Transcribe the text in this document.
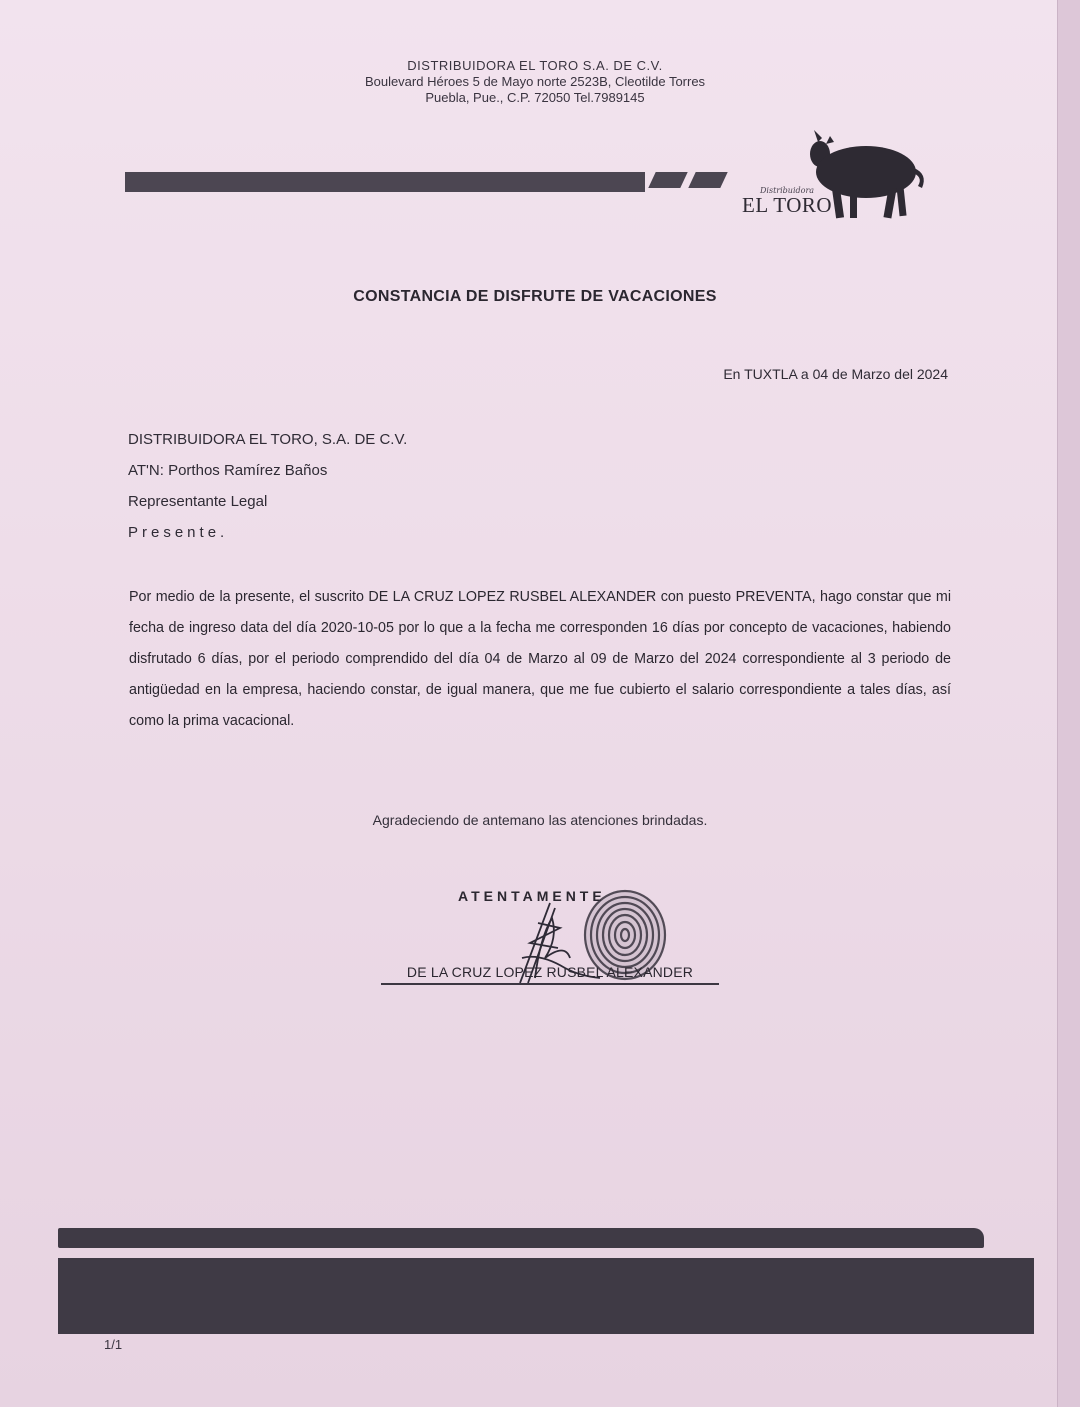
DISTRIBUIDORA EL TORO S.A. DE C.V.
Boulevard Héroes 5 de Mayo norte 2523B, Cleotilde Torres
Puebla, Pue., C.P. 72050 Tel.7989145
Distribuidora
EL TORO
CONSTANCIA DE DISFRUTE DE VACACIONES
En TUXTLA a 04 de Marzo del 2024
DISTRIBUIDORA EL TORO, S.A. DE C.V.
AT'N: Porthos Ramírez Baños
Representante Legal
Presente.
Por medio de la presente, el suscrito DE LA CRUZ LOPEZ RUSBEL ALEXANDER con puesto PREVENTA, hago constar que mi fecha de ingreso data del día 2020-10-05 por lo que a la fecha me corresponden 16 días por concepto de vacaciones, habiendo disfrutado 6 días, por el periodo comprendido del día 04 de Marzo al 09 de Marzo del 2024 correspondiente al 3 periodo de antigüedad en la empresa, haciendo constar, de igual manera, que me fue cubierto el salario correspondiente a tales días, así como la prima vacacional.
Agradeciendo de antemano las atenciones brindadas.
ATENTAMENTE
DE LA CRUZ LOPEZ RUSBEL ALEXANDER
1/1
